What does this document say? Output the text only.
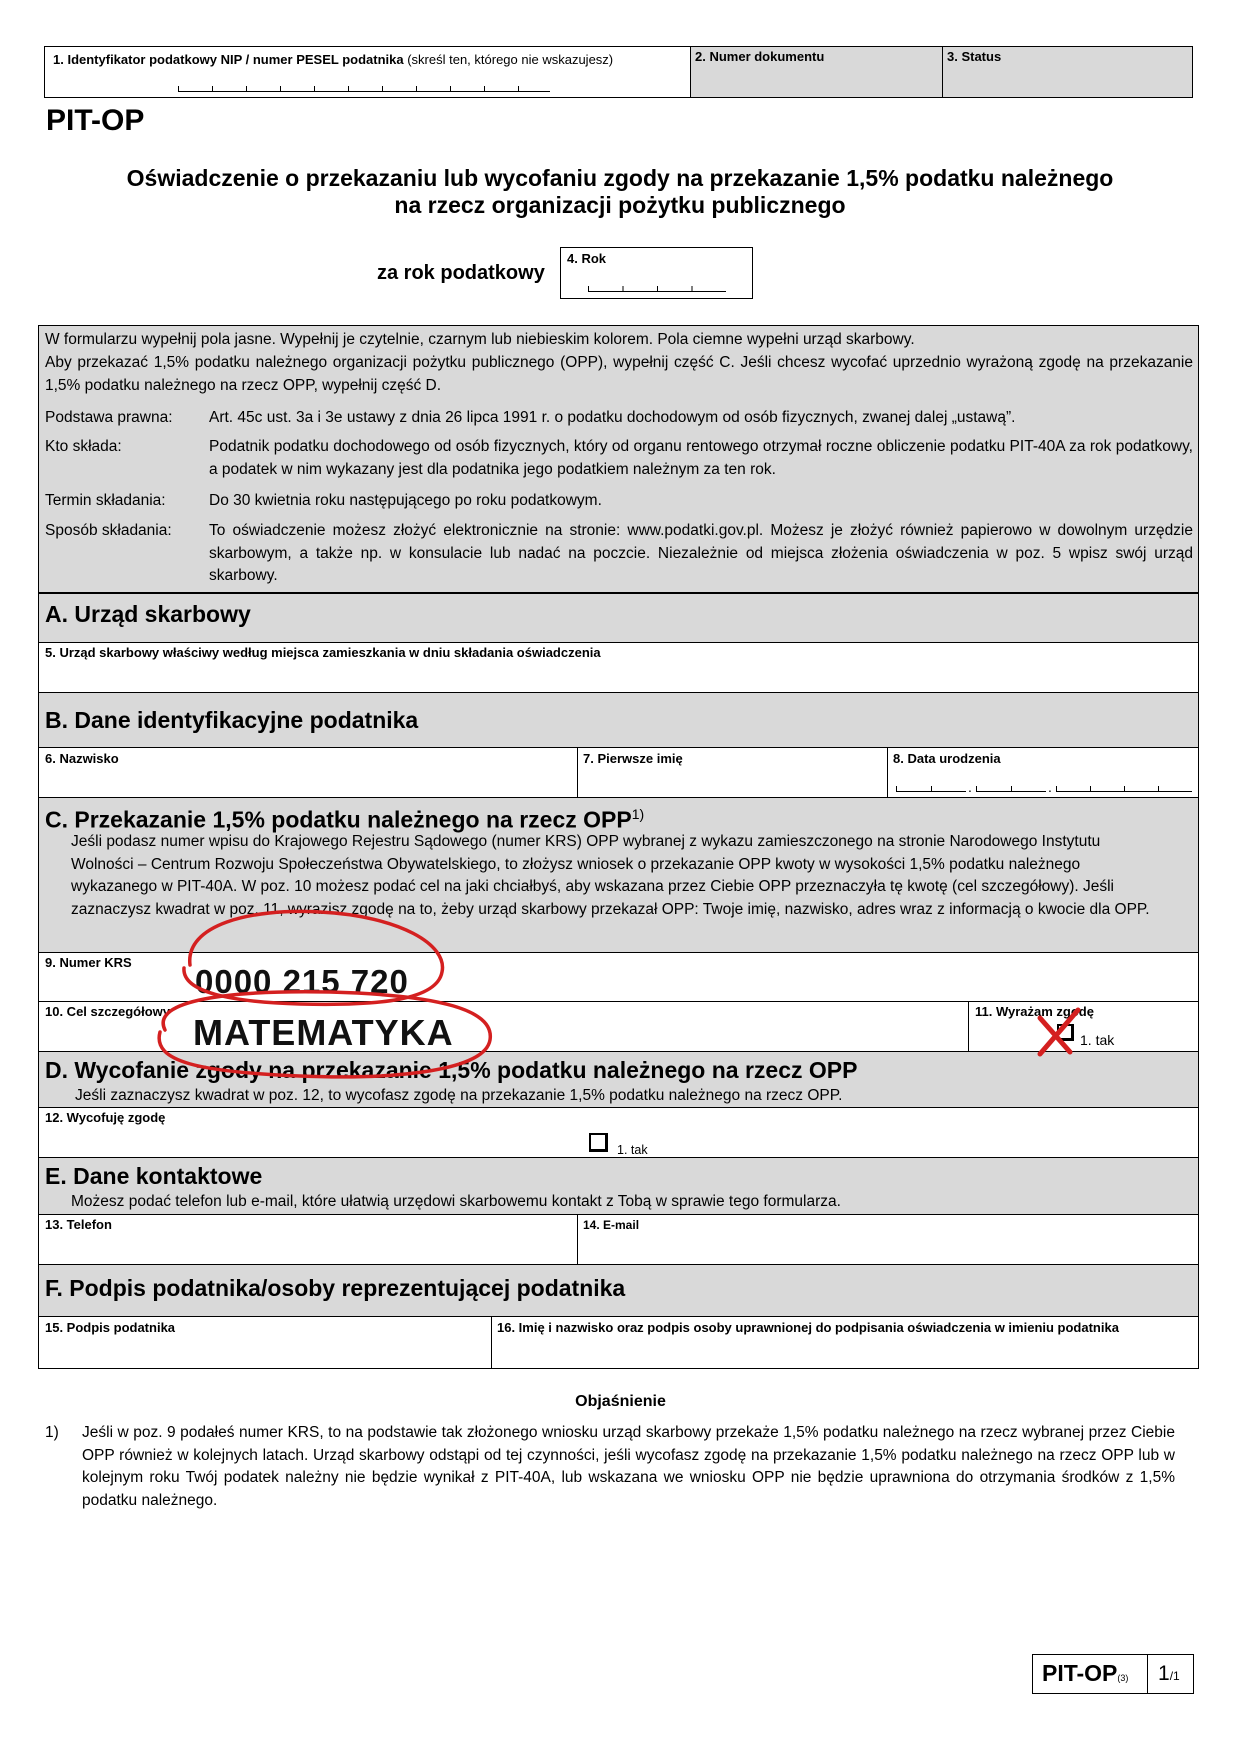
1. Identyfikator podatkowy NIP / numer PESEL podatnika (skreśl ten, którego nie wskazujesz)	2. Numer dokumentu	3. Status
PIT-OP
Oświadczenie o przekazaniu lub wycofaniu zgody na przekazanie 1,5% podatku należnego
na rzecz organizacji pożytku publicznego
za rok podatkowy
4. Rok
W formularzu wypełnij pola jasne. Wypełnij je czytelnie, czarnym lub niebieskim kolorem. Pola ciemne wypełni urząd skarbowy.
Aby przekazać 1,5% podatku należnego organizacji pożytku publicznego (OPP), wypełnij część C. Jeśli chcesz wycofać uprzednio wyrażoną zgodę na przekazanie 1,5% podatku należnego na rzecz OPP, wypełnij część D.
Podstawa prawna:	Art. 45c ust. 3a i 3e ustawy z dnia 26 lipca 1991 r. o podatku dochodowym od osób fizycznych, zwanej dalej „ustawą”.
Kto składa:	Podatnik podatku dochodowego od osób fizycznych, który od organu rentowego otrzymał roczne obliczenie podatku PIT-40A za rok podatkowy, a podatek w nim wykazany jest dla podatnika jego podatkiem należnym za ten rok.
Termin składania:	Do 30 kwietnia roku następującego po roku podatkowym.
Sposób składania:	To oświadczenie możesz złożyć elektronicznie na stronie: www.podatki.gov.pl. Możesz je złożyć również papierowo w dowolnym urzędzie skarbowym, a także np. w konsulacie lub nadać na poczcie. Niezależnie od miejsca złożenia oświadczenia w poz. 5 wpisz swój urząd skarbowy.
A. Urząd skarbowy
5. Urząd skarbowy właściwy według miejsca zamieszkania w dniu składania oświadczenia
B. Dane identyfikacyjne podatnika
6. Nazwisko	7. Pierwsze imię	8. Data urodzenia
.	.
C. Przekazanie 1,5% podatku należnego na rzecz OPP$^{1)}$
Jeśli podasz numer wpisu do Krajowego Rejestru Sądowego (numer KRS) OPP wybranej z wykazu zamieszczonego na stronie Narodowego Instytutu Wolności – Centrum Rozwoju Społeczeństwa Obywatelskiego, to złożysz wniosek o przekazanie OPP kwoty w wysokości 1,5% podatku należnego wykazanego w PIT-40A. W poz. 10 możesz podać cel na jaki chciałbyś, aby wskazana przez Ciebie OPP przeznaczyła tę kwotę (cel szczegółowy). Jeśli zaznaczysz kwadrat w poz. 11, wyrazisz zgodę na to, żeby urząd skarbowy przekazał OPP: Twoje imię, nazwisko, adres wraz z informacją o kwocie dla OPP.
9. Numer KRS
0000 215 720
10. Cel szczegółowy
MATEMATYKA
11. Wyrażam zgodę
1. tak
D. Wycofanie zgody na przekazanie 1,5% podatku należnego na rzecz OPP
Jeśli zaznaczysz kwadrat w poz. 12, to wycofasz zgodę na przekazanie 1,5% podatku należnego na rzecz OPP.
12. Wycofuję zgodę
1. tak
E. Dane kontaktowe
Możesz podać telefon lub e-mail, które ułatwią urzędowi skarbowemu kontakt z Tobą w sprawie tego formularza.
13. Telefon	14. E-mail
F. Podpis podatnika/osoby reprezentującej podatnika
15. Podpis podatnika	16. Imię i nazwisko oraz podpis osoby uprawnionej do podpisania oświadczenia w imieniu podatnika
Objaśnienie
1) Jeśli w poz. 9 podałeś numer KRS, to na podstawie tak złożonego wniosku urząd skarbowy przekaże 1,5% podatku należnego na rzecz wybranej przez Ciebie OPP również w kolejnych latach. Urząd skarbowy odstąpi od tej czynności, jeśli wycofasz zgodę na przekazanie 1,5% podatku należnego na rzecz OPP lub w kolejnym roku Twój podatek należny nie będzie wynikał z PIT-40A, lub wskazana we wniosku OPP nie będzie uprawniona do otrzymania środków z 1,5% podatku należnego.
PIT-OP(3) 1/1
